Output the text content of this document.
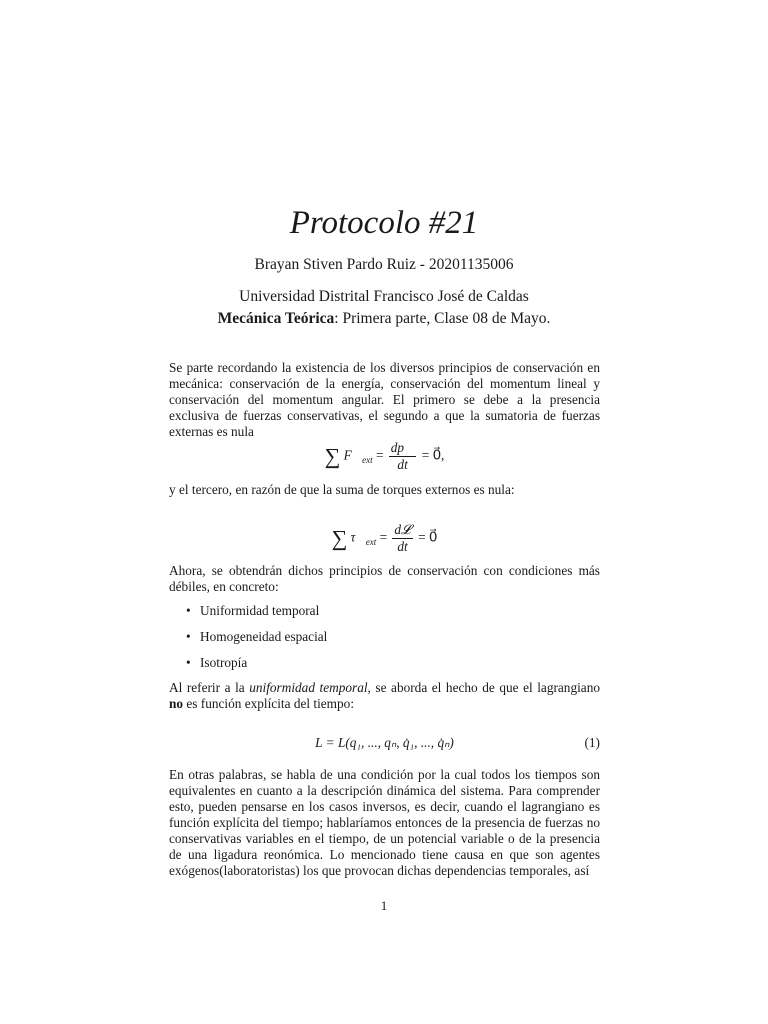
Protocolo #21
Brayan Stiven Pardo Ruiz - 20201135006
Universidad Distrital Francisco José de Caldas
Mecánica Teórica: Primera parte, Clase 08 de Mayo.
Se parte recordando la existencia de los diversos principios de conservación en mecánica: conservación de la energía, conservación del momentum lineal y conservación del momentum angular. El primero se debe a la presencia exclusiva de fuerzas conservativas, el segundo a que la sumatoria de fuerzas externas es nula
∑ $F⃗_{ext} = \frac{dp⃗}{dt}$ = 0⃗,
y el tercero, en razón de que la suma de torques externos es nula:
∑ $\tau⃗_{ext} = \frac{\text{d𝓛}}{dt}$ = 0⃗
Ahora, se obtendrán dichos principios de conservación con condiciones más débiles, en concreto:
• Uniformidad temporal
• Homogeneidad espacial
• Isotropía
Al referir a la uniformidad temporal, se aborda el hecho de que el lagrangiano no es función explícita del tiempo:
L = L(q₁, ..., qₙ, q̇₁, ..., q̇ₙ)	(1)
En otras palabras, se habla de una condición por la cual todos los tiempos son equivalentes en cuanto a la descripción dinámica del sistema. Para comprender esto, pueden pensarse en los casos inversos, es decir, cuando el lagrangiano es función explícita del tiempo; hablaríamos entonces de la presencia de fuerzas no conservativas variables en el tiempo, de un potencial variable o de la presencia de una ligadura reonómica. Lo mencionado tiene causa en que son agentes exógenos(laboratoristas) los que provocan dichas dependencias temporales, así
1
